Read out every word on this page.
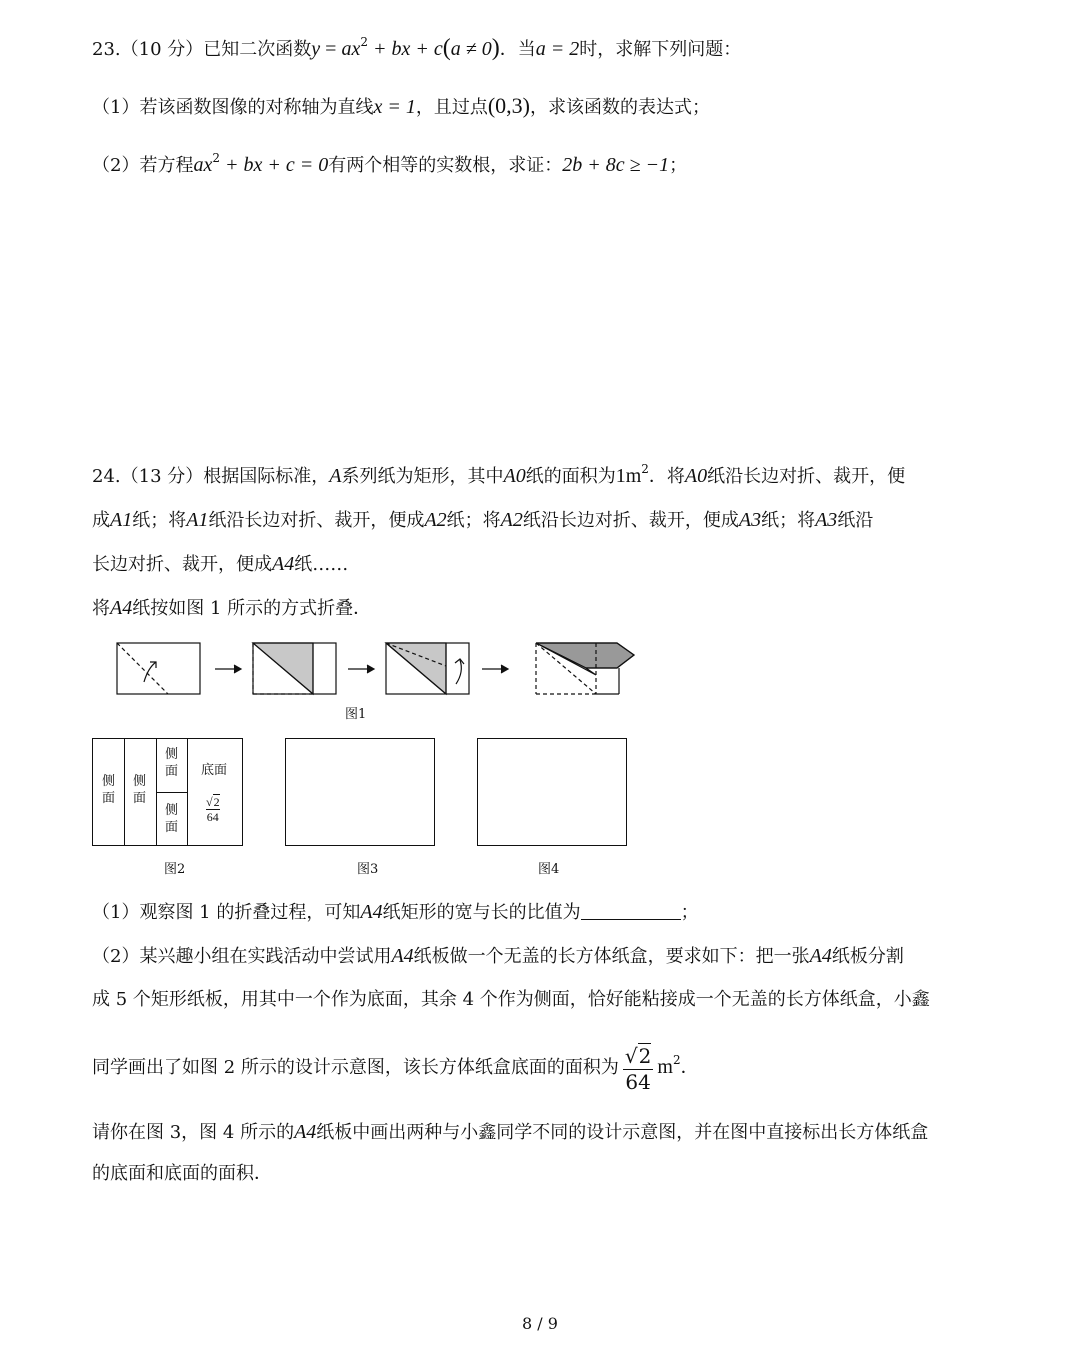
23.（10 分）已知二次函数$y = ax^2$ + bx + c(a ≠ 0)．当a = 2时，求解下列问题：
（1）若该函数图像的对称轴为直线x = 1，且过点(0,3)，求该函数的表达式；
（2）若方程$ax^2$ + bx + c = 0有两个相等的实数根，求证：2b + 8c ≥ −1；
24.（13 分）根据国际标准，A系列纸为矩形，其中A0纸的面积为$1m^2$．将A0纸沿长边对折、裁开，便
成A1纸；将A1纸沿长边对折、裁开，便成A2纸；将A2纸沿长边对折、裁开，便成A3纸；将A3纸沿
长边对折、裁开，便成A4纸……
将A4纸按如图 1 所示的方式折叠．
图1
侧
面
侧
面
侧
面
侧
面
底面
√2
64
图2	图3	图4
（1）观察图 1 的折叠过程，可知A4纸矩形的宽与长的比值为	；
（2）某兴趣小组在实践活动中尝试用A4纸板做一个无盖的长方体纸盒，要求如下：把一张A4纸板分割
成 5 个矩形纸板，用其中一个作为底面，其余 4 个作为侧面，恰好能粘接成一个无盖的长方体纸盒，小鑫
同学画出了如图 2 所示的设计示意图，该长方体纸盒底面的面积为 $\frac{√2}{64} m^2$．
请你在图 3，图 4 所示的A4纸板中画出两种与小鑫同学不同的设计示意图，并在图中直接标出长方体纸盒
的底面和底面的面积．
8 / 9
